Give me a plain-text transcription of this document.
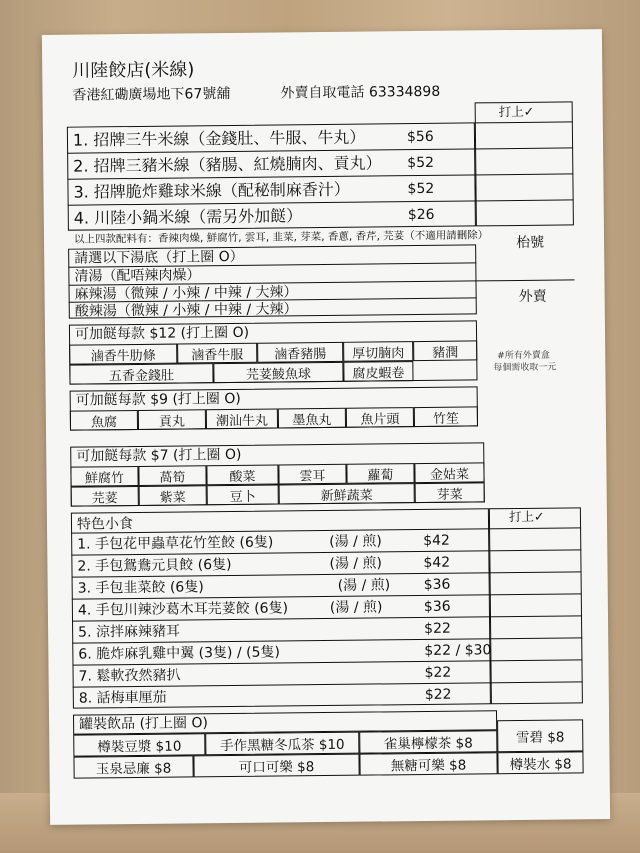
川陸餃店(米線)
香港紅磡廣場地下67號舖	外賣自取電話 63334898
打上✓
1. 招牌三牛米線（金錢肚、牛服、牛丸）	$56
2. 招牌三豬米線（豬腸、紅燒腩肉、貢丸） $52
3. 招牌脆炸雞球米線（配秘制麻香汁）	$52
4. 川陸小鍋米線（需另外加餸）	$26
以上四款配料有：香辣肉燥, 鮮腐竹, 雲耳, 韭菜, 芽菜, 香蔥, 香芹, 芫荽（不適用請刪除）
請選以下湯底（打上圈 O）
清湯（配唔辣肉燥）
麻辣湯（微辣 / 小辣 / 中辣 / 大辣）
酸辣湯（微辣 / 小辣 / 中辣 / 大辣）
枱號
外賣
可加餸每款 $12 (打上圈 O)
滷香牛肋條	滷香牛服	滷香豬腸	厚切腩肉	豬潤
五香金錢肚	芫荽鯪魚球	腐皮蝦卷
#所有外賣盒
每個需收取一元
可加餸每款 $9 (打上圈 O)
魚腐	貢丸	潮汕牛丸	墨魚丸	魚片頭	竹笙
可加餸每款 $7 (打上圈 O)
鮮腐竹	萵筍	酸菜	雲耳	蘿蔔	金姑菜
芫荽	紫菜	豆卜	新鮮蔬菜	芽菜
特色小食	打上✓
1. 手包花甲蟲草花竹笙餃 (6隻)	(湯 / 煎)	$42
2. 手包鴛鴦元貝餃 (6隻)	(湯 / 煎)	$42
3. 手包韭菜餃 (6隻)	(湯 / 煎) $36
4. 手包川辣沙葛木耳芫荽餃 (6隻)	(湯 / 煎)	$36
5. 涼拌麻辣豬耳	$22
6. 脆炸麻乳雞中翼 (3隻) / (5隻)	$22 / $30
7. 鬆軟孜然豬扒	$22
8. 話梅車厘茄	$22
罐裝飲品 (打上圈 O)
樽裝豆漿 $10	手作黑糖冬瓜茶 $10	雀巢檸檬茶 $8	雪碧 $8
玉泉忌廉 $8	可口可樂 $8	無糖可樂 $8	樽裝水 $8
